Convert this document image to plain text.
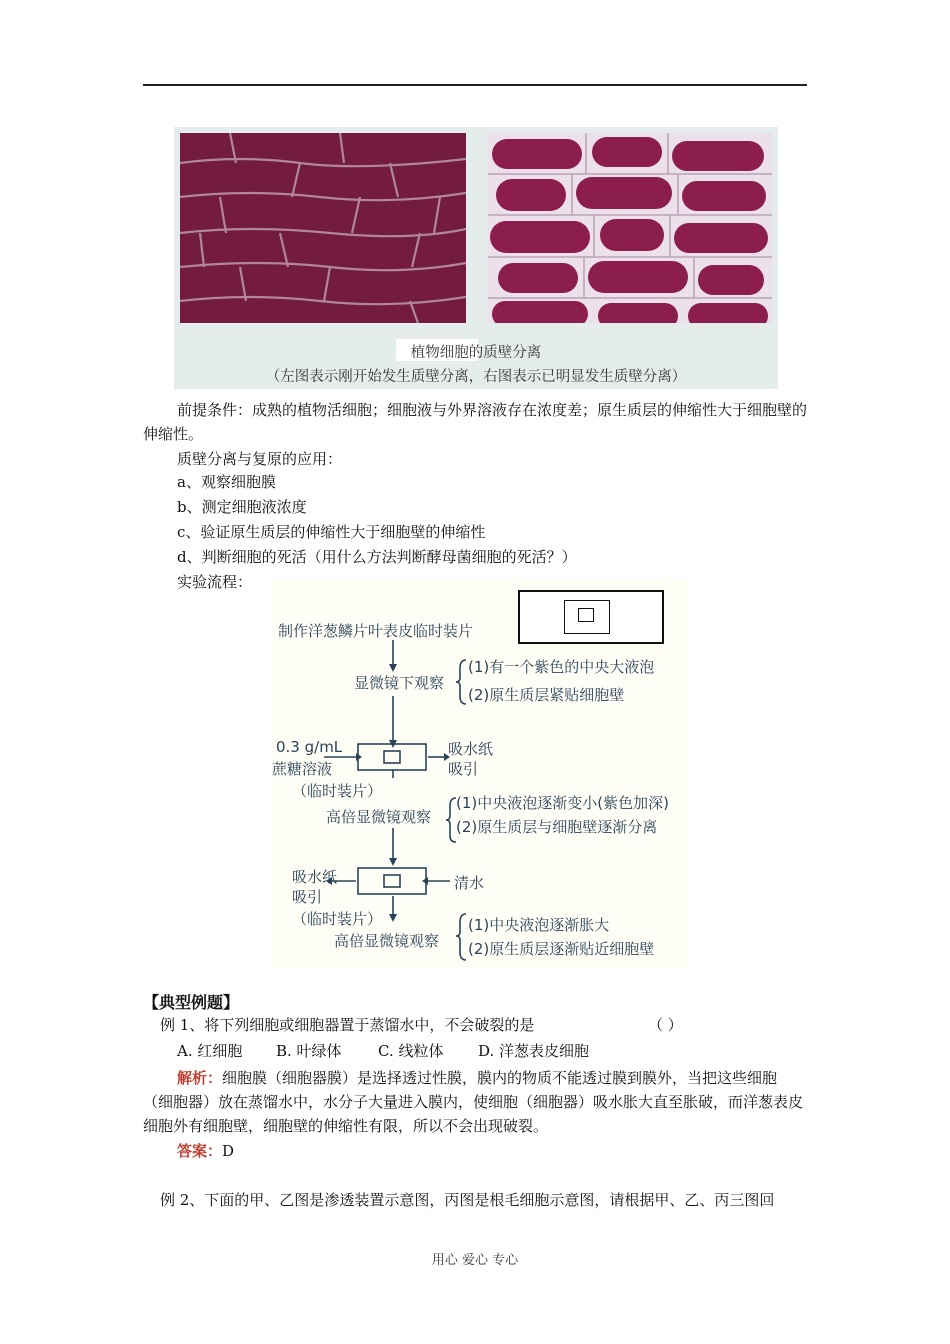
植物细胞的质壁分离
（左图表示刚开始发生质壁分离，右图表示已明显发生质壁分离）
前提条件：成熟的植物活细胞；细胞液与外界溶液存在浓度差；原生质层的伸缩性大于细胞壁的伸缩性。
质壁分离与复原的应用：
a、观察细胞膜
b、测定细胞液浓度
c、验证原生质层的伸缩性大于细胞壁的伸缩性
d、判断细胞的死活（用什么方法判断酵母菌细胞的死活？）
实验流程：
制作洋葱鳞片叶表皮临时装片
显微镜下观察
(1)有一个紫色的中央大液泡
(2)原生质层紧贴细胞壁
0.3 g/mL
蔗糖溶液
吸水纸
吸引
（临时装片）
高倍显微镜观察
(1)中央液泡逐渐变小(紫色加深)
(2)原生质层与细胞壁逐渐分离
吸水纸
吸引
清水
（临时装片）
高倍显微镜观察
(1)中央液泡逐渐胀大
(2)原生质层逐渐贴近细胞壁
【典型例题】
例 1、将下列细胞或细胞器置于蒸馏水中，不会破裂的是	（ ）
A. 红细胞 B. 叶绿体 C. 线粒体 D. 洋葱表皮细胞
解析：细胞膜（细胞器膜）是选择透过性膜，膜内的物质不能透过膜到膜外，当把这些细胞（细胞器）放在蒸馏水中，水分子大量进入膜内，使细胞（细胞器）吸水胀大直至胀破，而洋葱表皮细胞外有细胞壁，细胞壁的伸缩性有限，所以不会出现破裂。
答案：D
例 2、下面的甲、乙图是渗透装置示意图，丙图是根毛细胞示意图，请根据甲、乙、丙三图回
用心 爱心 专心
